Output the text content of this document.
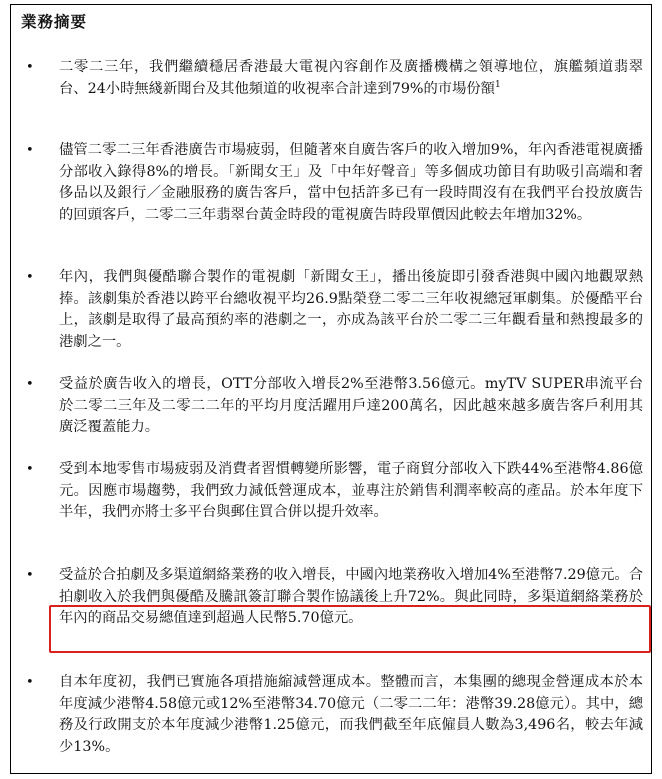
業務摘要
• 二零二三年，我們繼續穩居香港最大電視內容創作及廣播機構之領導地位，旗艦頻道翡翠台、24小時無綫新聞台及其他頻道的收視率合計達到79%的市場份額$^1$

• 儘管二零二三年香港廣告市場疲弱，但隨著來自廣告客戶的收入增加9%，年內香港電視廣播分部收入錄得8%的增長。「新聞女王」及「中年好聲音」等多個成功節目有助吸引高端和奢侈品以及銀行／金融服務的廣告客戶，當中包括許多已有一段時間沒有在我們平台投放廣告的回頭客戶，二零二三年翡翠台黃金時段的電視廣告時段單價因此較去年增加32%。

• 年內，我們與優酷聯合製作的電視劇「新聞女王」，播出後旋即引發香港與中國內地觀眾熱捧。該劇集於香港以跨平台總收視平均26.9點榮登二零二三年收視總冠軍劇集。於優酷平台上，該劇是取得了最高預約率的港劇之一，亦成為該平台於二零二三年觀看量和熱搜最多的港劇之一。

• 受益於廣告收入的增長，OTT分部收入增長2%至港幣3.56億元。myTV SUPER串流平台於二零二三年及二零二二年的平均月度活躍用戶達200萬名，因此越來越多廣告客戶利用其廣泛覆蓋能力。

• 受到本地零售市場疲弱及消費者習慣轉變所影響，電子商貿分部收入下跌44%至港幣4.86億元。因應市場趨勢，我們致力減低營運成本，並專注於銷售利潤率較高的產品。於本年度下半年，我們亦將士多平台與郵住買合併以提升效率。

• 受益於合拍劇及多渠道網絡業務的收入增長，中國內地業務收入增加4%至港幣7.29億元。合拍劇收入於我們與優酷及騰訊簽訂聯合製作協議後上升72%。與此同時，多渠道網絡業務於年內的商品交易總值達到超過人民幣5.70億元。

• 自本年度初，我們已實施各項措施縮減營運成本。整體而言，本集團的總現金營運成本於本年度減少港幣4.58億元或12%至港幣34.70億元（二零二二年：港幣39.28億元）。其中，總務及行政開支於本年度減少港幣1.25億元，而我們截至年底僱員人數為3,496名，較去年減少13%。
